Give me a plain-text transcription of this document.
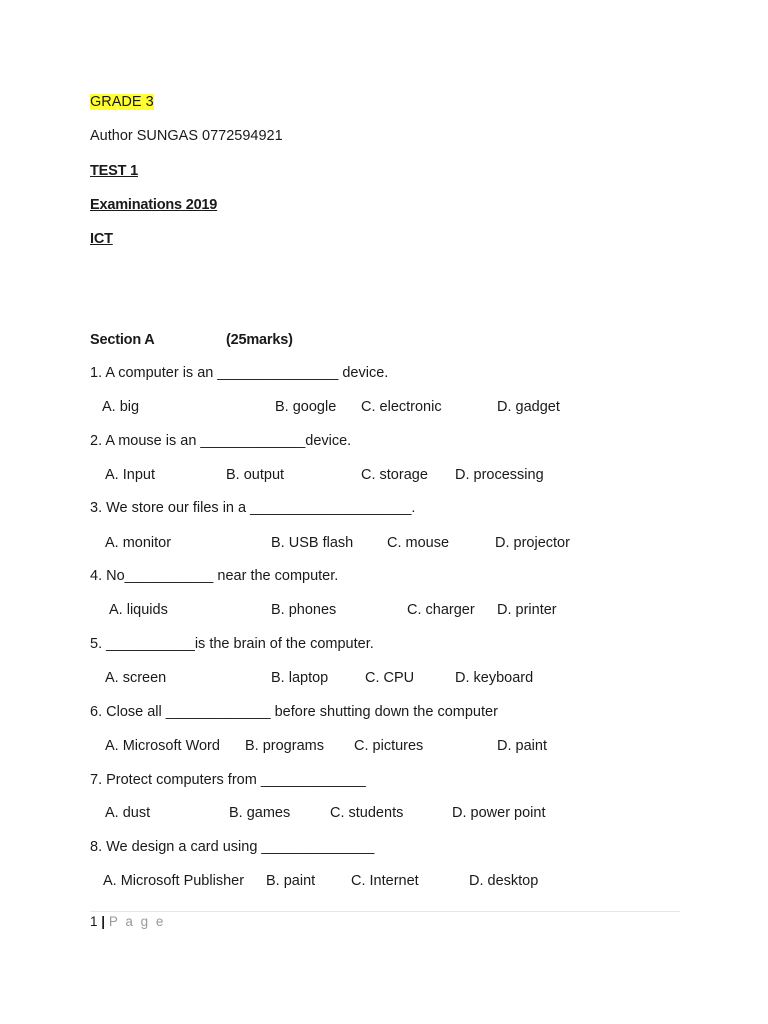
GRADE 3
Author SUNGAS 0772594921
TEST 1
Examinations 2019
ICT
Section A	(25marks)
1. A computer is an _______________ device.
A. big	B. google C. electronic	D. gadget
2. A mouse is an _____________device.
A. Input	B. output	C. storage D. processing
3. We store our files in a ____________________.
A. monitor	B. USB flash C. mouse	D. projector
4. No___________ near the computer.
A. liquids	B. phones	C. charger D. printer
5. ___________is the brain of the computer.
A. screen	B. laptop	C. CPU	D. keyboard
6. Close all _____________ before shutting down the computer
A. Microsoft Word B. programs C. pictures	D. paint
7. Protect computers from _____________
A. dust	B. games	C. students	D. power point
8. We design a card using ______________
A. Microsoft Publisher B. paint C. Internet	D. desktop
1 | P a g e
